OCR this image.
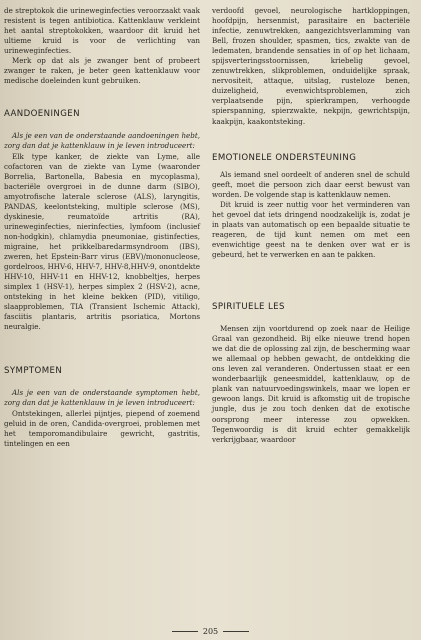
de streptokok die urineweginfecties veroorzaakt vaak resistent is tegen antibiotica. Kattenklauw verkleint het aantal streptokokken, waardoor dit kruid het ultieme kruid is voor de verlichting van urineweginfecties.

Merk op dat als je zwanger bent of probeert zwanger te raken, je beter geen kattenklauw voor medische doeleinden kunt gebruiken.

AANDOENINGEN

Als je een van de onderstaande aandoeningen hebt, zorg dan dat je kattenklauw in je leven introduceert:

Elk type kanker, de ziekte van Lyme, alle cofactoren van de ziekte van Lyme (waaronder Borrelia, Bartonella, Babesia en mycoplasma), bacteriële overgroei in de dunne darm (SIBO), amyotrofische laterale sclerose (ALS), laryngitis, PANDAS, keelontsteking, multiple sclerose (MS), dyskinesie, reumatoïde artritis (RA), urineweginfecties, nierinfecties, lymfoom (inclusief non-hodgkin), chlamydia pneumoniae, gistinfecties, migraine, het prikkelbaredarmsyndroom (IBS), zweren, het Epstein-Barr virus (EBV)/mononucleose, gordelroos, HHV-6, HHV-7, HHV-8,HHV-9, onontdekte HHV-10, HHV-11 en HHV-12, knobbeltjes, herpes simplex 1 (HSV-1), herpes simplex 2 (HSV-2), acne, ontsteking in het kleine bekken (PID), vitiligo, slaapproblemen, TIA (Transient Ischemic Attack), fasciitis plantaris, artritis psoriatica, Mortons neuralgie.

SYMPTOMEN

Als je een van de onderstaande symptomen hebt, zorg dan dat je kattenklauw in je leven introduceert:

Ontstekingen, allerlei pijntjes, piepend of zoemend geluid in de oren, Candida-overgroei, problemen met het temporomandibulaire gewricht, gastritis, tintelingen en een

verdoofd gevoel, neurologische hartkloppingen, hoofdpijn, hersenmist, parasitaire en bacteriële infectie, zenuwtrekken, aangezichtsverlamming van Bell, frozen shoulder, spasmen, tics, zwakte van de ledematen, brandende sensaties in of op het lichaam, spijsverteringsstoornissen, kriebelig gevoel, zenuwtrekken, slikproblemen, onduidelijke spraak, nervositeit, attaque, uitslag, rusteloze benen, duizeligheid, evenwichtsproblemen, zich verplaatsende pijn, spierkrampen, verhoogde spierspanning, spierzwakte, nekpijn, gewrichtspijn, kaakpijn, kaakontsteking.

EMOTIONELE ONDERSTEUNING

Als iemand snel oordeelt of anderen snel de schuld geeft, moet die persoon zich daar eerst bewust van worden. De volgende stap is kattenklauw nemen.

Dit kruid is zeer nuttig voor het verminderen van het gevoel dat iets dringend noodzakelijk is, zodat je in plaats van automatisch op een bepaalde situatie te reageren, de tijd kunt nemen om met een evenwichtige geest na te denken over wat er is gebeurd, het te verwerken en aan te pakken.

SPIRITUELE LES

Mensen zijn voortdurend op zoek naar de Heilige Graal van gezondheid. Bij elke nieuwe trend hopen we dat die de oplossing zal zijn, de bescherming waar we allemaal op hebben gewacht, de ontdekking die ons leven zal veranderen. Ondertussen staat er een wonderbaarlijk geneesmiddel, kattenklauw, op de plank van natuurvoedingswinkels, maar we lopen er gewoon langs. Dit kruid is afkomstig uit de tropische jungle, dus je zou toch denken dat de exotische oorsprong meer interesse zou opwekken. Tegenwoordig is dit kruid echter gemakkelijk verkrijgbaar, waardoor

205
